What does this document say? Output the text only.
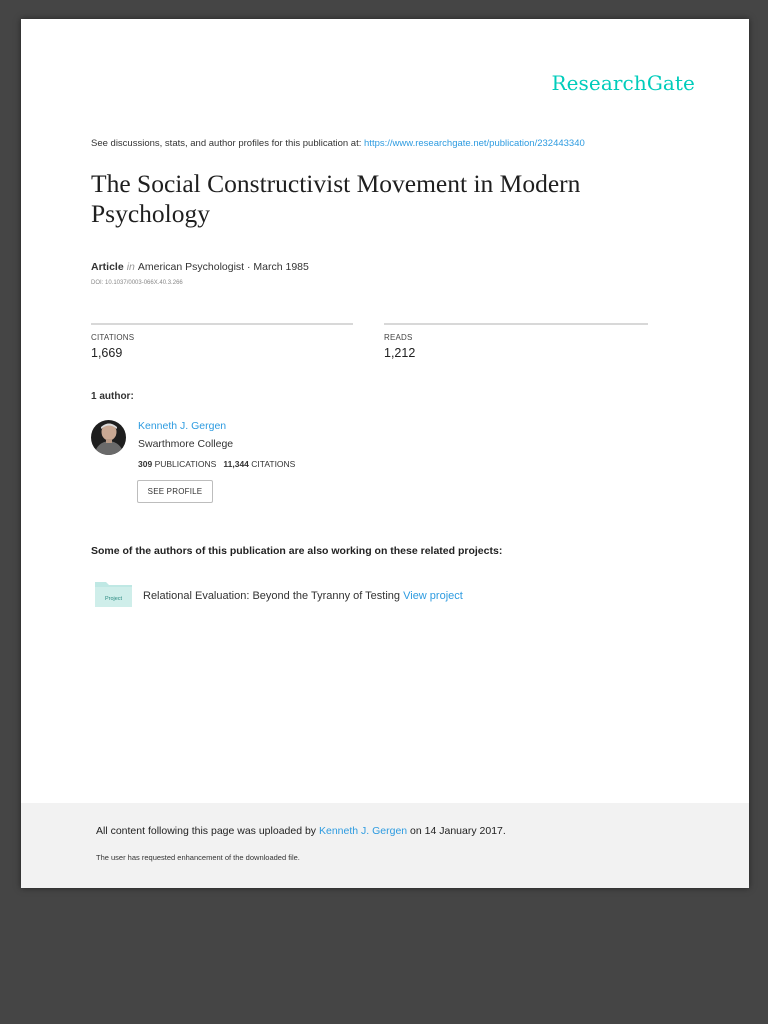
ResearchGate
See discussions, stats, and author profiles for this publication at: https://www.researchgate.net/publication/232443340
The Social Constructivist Movement in Modern Psychology
Article in American Psychologist · March 1985
DOI: 10.1037/0003-066X.40.3.266
CITATIONS
1,669
READS
1,212
1 author:
Kenneth J. Gergen
Swarthmore College
309 PUBLICATIONS 11,344 CITATIONS
SEE PROFILE
Some of the authors of this publication are also working on these related projects:
Project Relational Evaluation: Beyond the Tyranny of Testing View project
All content following this page was uploaded by Kenneth J. Gergen on 14 January 2017.
The user has requested enhancement of the downloaded file.
